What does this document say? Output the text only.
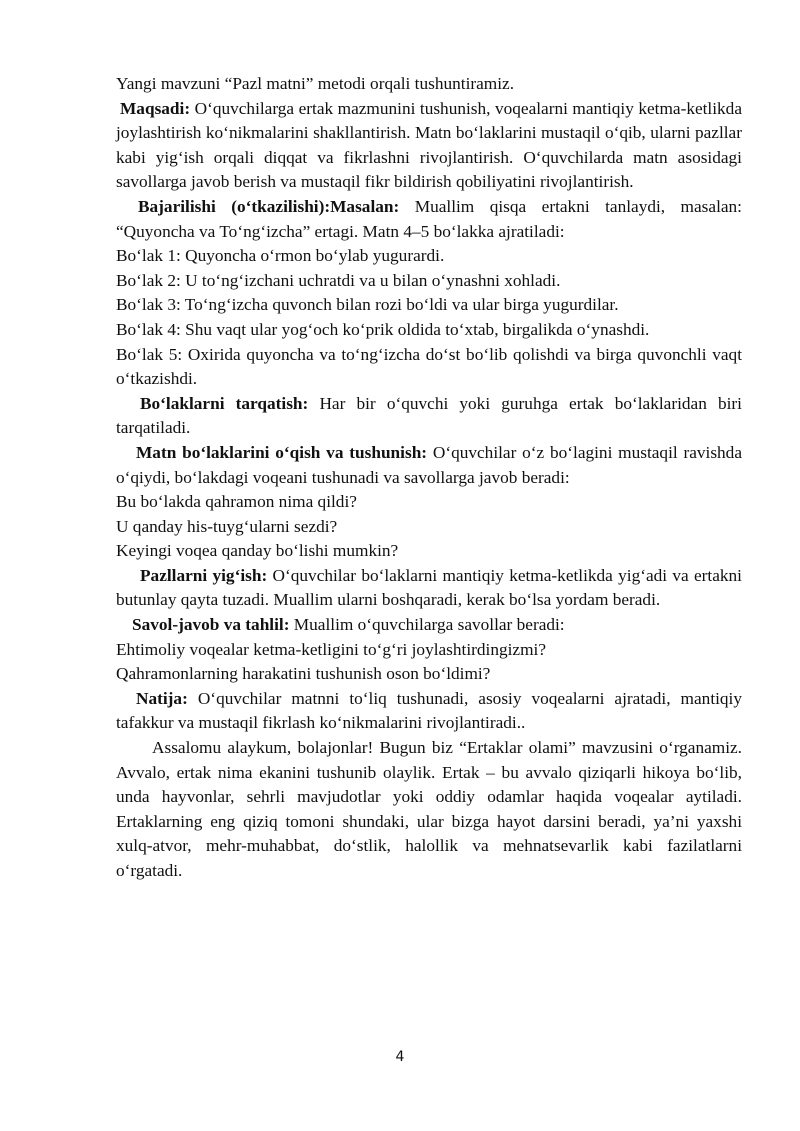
Yangi mavzuni “Pazl matni” metodi orqali tushuntiramiz.

Maqsadi: O‘quvchilarga ertak mazmunini tushunish, voqealarni mantiqiy ketma-ketlikda joylashtirish ko‘nikmalarini shakllantirish. Matn bo‘laklarini mustaqil o‘qib, ularni pazllar kabi yig‘ish orqali diqqat va fikrlashni rivojlantirish. O‘quvchilarda matn asosidagi savollarga javob berish va mustaqil fikr bildirish qobiliyatini rivojlantirish.

Bajarilishi (o‘tkazilishi):Masalan: Muallim qisqa ertakni tanlaydi, masalan: “Quyoncha va To‘ng‘izcha” ertagi. Matn 4–5 bo‘lakka ajratiladi:

Bo‘lak 1: Quyoncha o‘rmon bo‘ylab yugurardi.

Bo‘lak 2: U to‘ng‘izchani uchratdi va u bilan o‘ynashni xohladi.

Bo‘lak 3: To‘ng‘izcha quvonch bilan rozi bo‘ldi va ular birga yugurdilar.

Bo‘lak 4: Shu vaqt ular yog‘och ko‘prik oldida to‘xtab, birgalikda o‘ynashdi.

Bo‘lak 5: Oxirida quyoncha va to‘ng‘izcha do‘st bo‘lib qolishdi va birga quvonchli vaqt o‘tkazishdi.

Bo‘laklarni tarqatish: Har bir o‘quvchi yoki guruhga ertak bo‘laklaridan biri tarqatiladi.

Matn bo‘laklarini o‘qish va tushunish: O‘quvchilar o‘z bo‘lagini mustaqil ravishda o‘qiydi, bo‘lakdagi voqeani tushunadi va savollarga javob beradi:

Bu bo‘lakda qahramon nima qildi?

U qanday his-tuyg‘ularni sezdi?

Keyingi voqea qanday bo‘lishi mumkin?

Pazllarni yig‘ish: O‘quvchilar bo‘laklarni mantiqiy ketma-ketlikda yig‘adi va ertakni butunlay qayta tuzadi. Muallim ularni boshqaradi, kerak bo‘lsa yordam beradi.

Savol-javob va tahlil: Muallim o‘quvchilarga savollar beradi:

Ehtimoliy voqealar ketma-ketligini to‘g‘ri joylashtirdingizmi?

Qahramonlarning harakatini tushunish oson bo‘ldimi?

Natija: O‘quvchilar matnni to‘liq tushunadi, asosiy voqealarni ajratadi, mantiqiy tafakkur va mustaqil fikrlash ko‘nikmalarini rivojlantiradi..

Assalomu alaykum, bolajonlar! Bugun biz “Ertaklar olami” mavzusini o‘rganamiz. Avvalo, ertak nima ekanini tushunib olaylik. Ertak – bu avvalo qiziqarli hikoya bo‘lib, unda hayvonlar, sehrli mavjudotlar yoki oddiy odamlar haqida voqealar aytiladi. Ertaklarning eng qiziq tomoni shundaki, ular bizga hayot darsini beradi, ya’ni yaxshi xulq-atvor, mehr-muhabbat, do‘stlik, halollik va mehnatsevarlik kabi fazilatlarni o‘rgatadi.

4
